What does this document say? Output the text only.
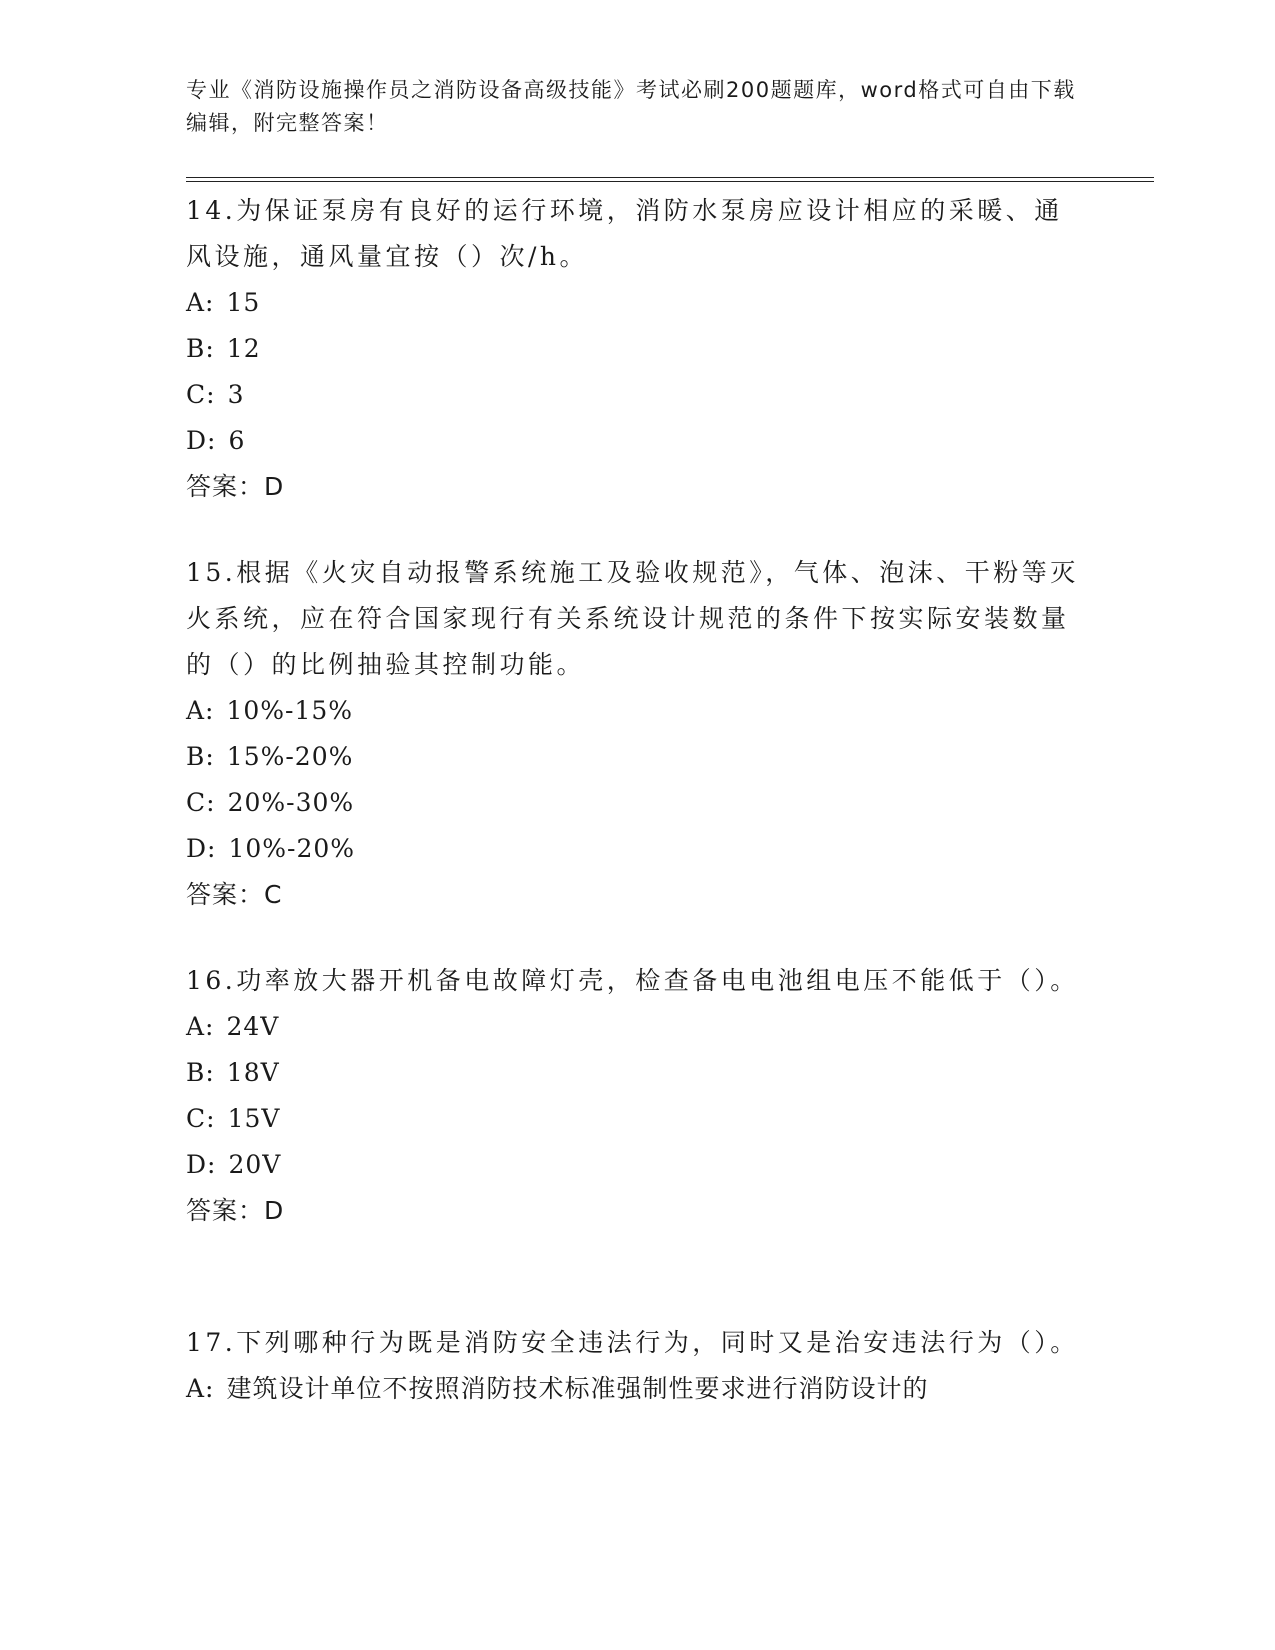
专业《消防设施操作员之消防设备高级技能》考试必刷200题题库，word格式可自由下载编辑，附完整答案！

14.为保证泵房有良好的运行环境，消防水泵房应设计相应的采暖、通风设施，通风量宜按（）次/h。

A: 15

B: 12

C: 3

D: 6

答案：D

15.根据《火灾自动报警系统施工及验收规范》，气体、泡沫、干粉等灭火系统，应在符合国家现行有关系统设计规范的条件下按实际安装数量的（）的比例抽验其控制功能。

A: 10%-15%

B: 15%-20%

C: 20%-30%

D: 10%-20%

答案：C

16.功率放大器开机备电故障灯壳，检查备电电池组电压不能低于（）。

A: 24V

B: 18V

C: 15V

D: 20V

答案：D

17.下列哪种行为既是消防安全违法行为，同时又是治安违法行为（）。

A: 建筑设计单位不按照消防技术标准强制性要求进行消防设计的
